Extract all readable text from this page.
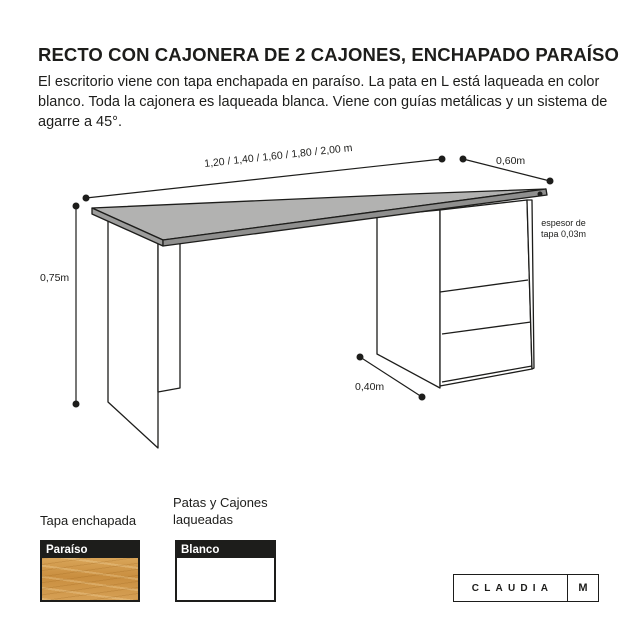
RECTO CON CAJONERA DE 2 CAJONES, ENCHAPADO PARAÍSO

El escritorio viene con tapa enchapada en paraíso. La pata en L está laqueada en color blanco. Toda la cajonera es laqueada blanca. Viene con guías metálicas y un sistema de agarre a 45°.

1,20 / 1,40 / 1,60 / 1,80 / 2,00 m	0,60m
0,75m
0,40m
espesor de
tapa 0,03m
Tapa enchapada
Paraíso
Patas y Cajones
laqueadas
Blanco
CLAUDIA	M
